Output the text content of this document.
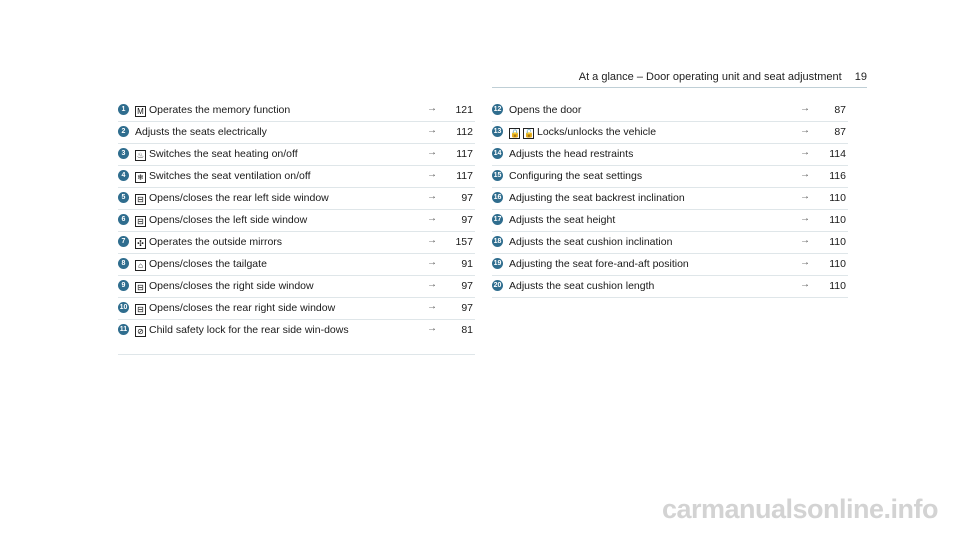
At a glance – Door operating unit and seat adjustment 19
1	M Operates the memory function	→ 121
2 Adjusts the seats electrically	→ 112
3	♨ Switches the seat heating on/off	→ 117
4	❄ Switches the seat ventilation on/off	→ 117
5	⊟ Opens/closes the rear left side window	→ 97
6	⊟ Opens/closes the left side window	→ 97
7	✣ Operates the outside mirrors	→ 157
8	⌂ Opens/closes the tailgate	→ 91
9	⊟ Opens/closes the right side window	→ 97
10 ⊟ Opens/closes the rear right side window	→ 97
11 ⊘ Child safety lock for the rear side win-dows	→ 81
12 Opens the door	→ 87
13 🔒 🔓 Locks/unlocks the vehicle	→ 87
14 Adjusts the head restraints	→ 114
15 Configuring the seat settings	→ 116
16 Adjusting the seat backrest inclination	→ 110
17 Adjusts the seat height	→ 110
18 Adjusts the seat cushion inclination	→ 110
19 Adjusting the seat fore-and-aft position	→ 110
20 Adjusts the seat cushion length	→ 110
carmanualsonline.info
